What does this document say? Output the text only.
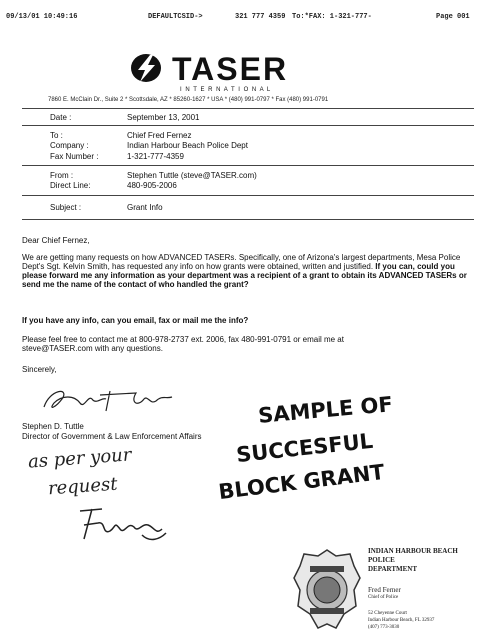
09/13/01 10:49:16	DEFAULTCSID->	321 777 4359 To:*FAX: 1-321-777-	Page 001
TASER
I N T E R N A T I O N A L
7860 E. McClain Dr., Suite 2 * Scottsdale, AZ * 85260-1627 * USA * (480) 991-0797 * Fax (480) 991-0791
Date :	September 13, 2001
To :	Chief Fred Fernez
Company :	Indian Harbour Beach Police Dept
Fax Number :	1-321-777-4359
From :	Stephen Tuttle (steve@TASER.com)
Direct Line:	480-905-2006
Subject :	Grant Info
Dear Chief Fernez,
We are getting many requests on how ADVANCED TASERs. Specifically, one of Arizona's largest departments, Mesa Police Dept's Sgt. Kelvin Smith, has requested any info on how grants were obtained, written and justified. If you can, could you please forward me any information as your department was a recipient of a grant to obtain its ADVANCED TASERs or send me the name of the contact of who handled the grant?
If you have any info, can you email, fax or mail me the info?
Please feel free to contact me at 800-978-2737 ext. 2006, fax 480-991-0791 or email me at steve@TASER.com with any questions.
Sincerely,
Stephen D. Tuttle
Director of Government & Law Enforcement Affairs
SAMPLE OF
SUCCESFUL
BLOCK GRANT
as per your
request
INDIAN HARBOUR BEACH
POLICE
DEPARTMENT
Fred Ferner
Chief of Police
52 Cheyenne Court
Indian Harbour Beach, FL 32937
(407) 773-3030
